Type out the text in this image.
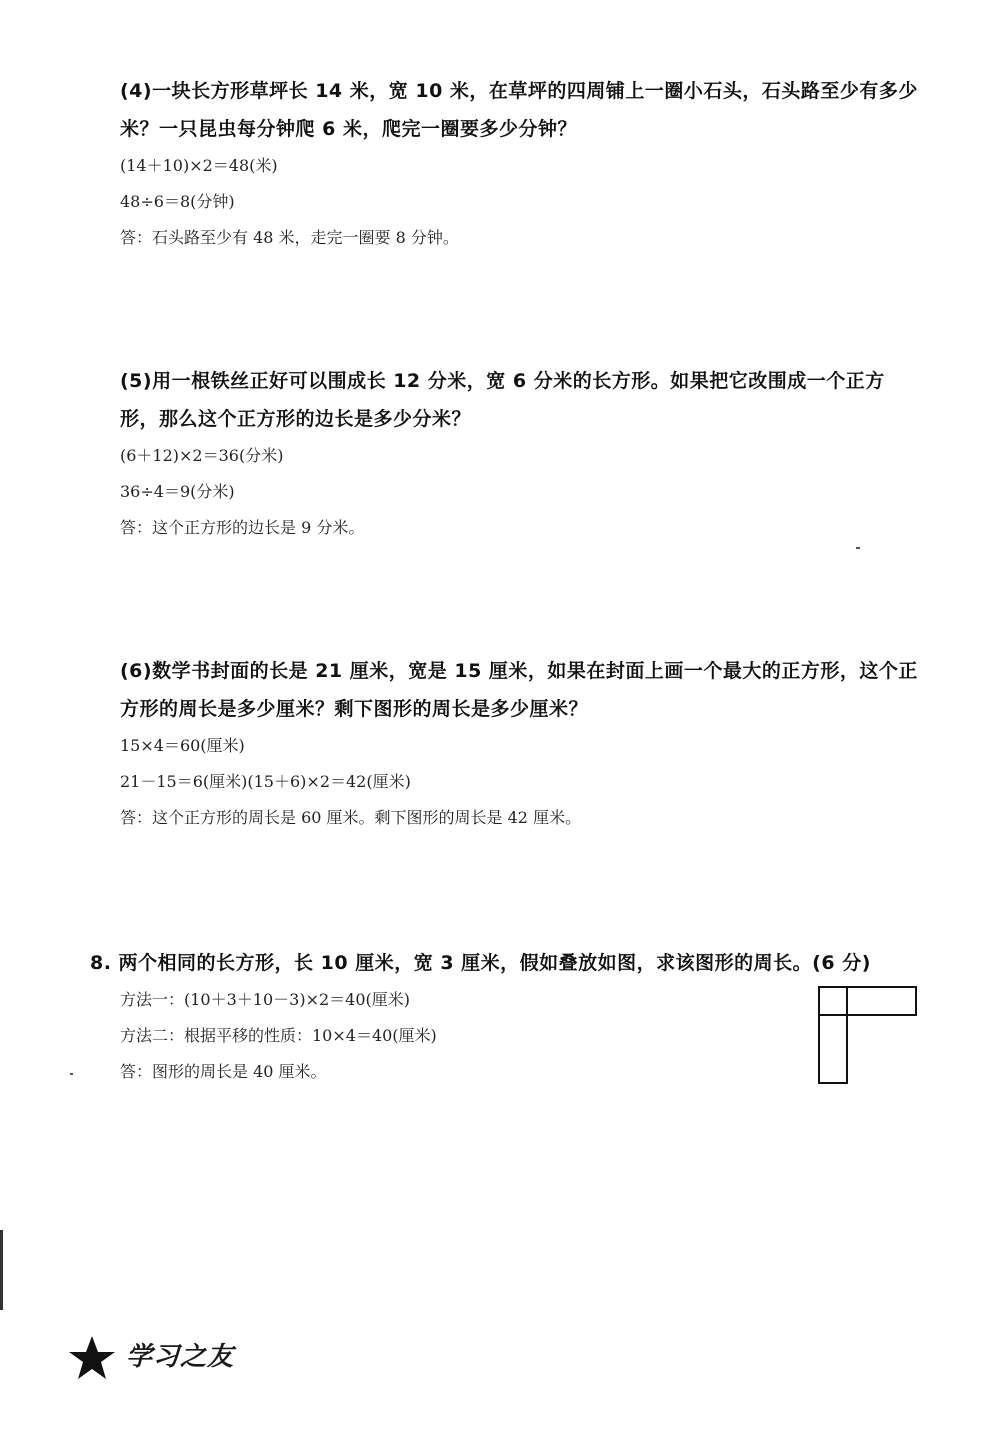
(4)一块长方形草坪长 14 米，宽 10 米，在草坪的四周铺上一圈小石头，石头路至少有多少

米？一只昆虫每分钟爬 6 米，爬完一圈要多少分钟？

(14＋10)×2＝48(米)

48÷6＝8(分钟)

答：石头路至少有 48 米，走完一圈要 8 分钟。

(5)用一根铁丝正好可以围成长 12 分米，宽 6 分米的长方形。如果把它改围成一个正方

形，那么这个正方形的边长是多少分米？

(6＋12)×2＝36(分米)

36÷4＝9(分米)

答：这个正方形的边长是 9 分米。

(6)数学书封面的长是 21 厘米，宽是 15 厘米，如果在封面上画一个最大的正方形，这个正

方形的周长是多少厘米？剩下图形的周长是多少厘米？

15×4＝60(厘米)

21－15＝6(厘米)(15＋6)×2＝42(厘米)

答：这个正方形的周长是 60 厘米。剩下图形的周长是 42 厘米。

8. 两个相同的长方形，长 10 厘米，宽 3 厘米，假如叠放如图，求该图形的周长。(6 分)

方法一：(10＋3＋10－3)×2＝40(厘米)

方法二：根据平移的性质：10×4＝40(厘米)

答：图形的周长是 40 厘米。

学习之友
